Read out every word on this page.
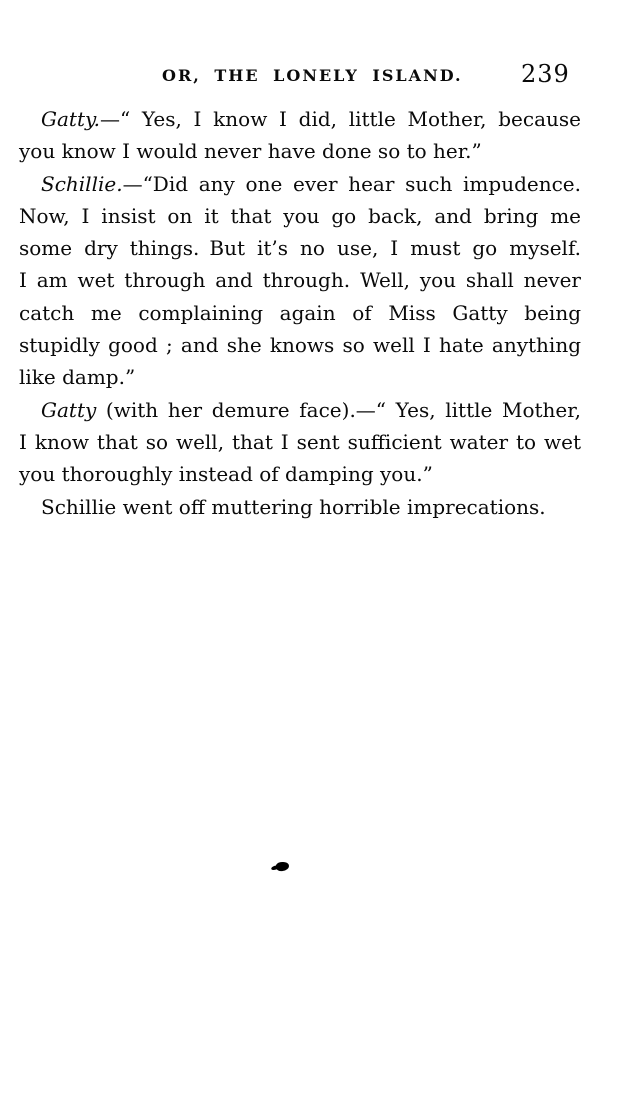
OR, THE LONELY ISLAND. 239
Gatty.—“ Yes, I know I did, little Mother, because
you know I would never have done so to her.”
Schillie.—“Did any one ever hear such impudence.
Now, I insist on it that you go back, and bring me
some dry things. But it’s no use, I must go myself.
I am wet through and through. Well, you shall never
catch me complaining again of Miss Gatty being
stupidly good ; and she knows so well I hate anything
like damp.”
Gatty (with her demure face).—“ Yes, little Mother,
I know that so well, that I sent sufficient water to wet
you thoroughly instead of damping you.”
Schillie went off muttering horrible imprecations.
